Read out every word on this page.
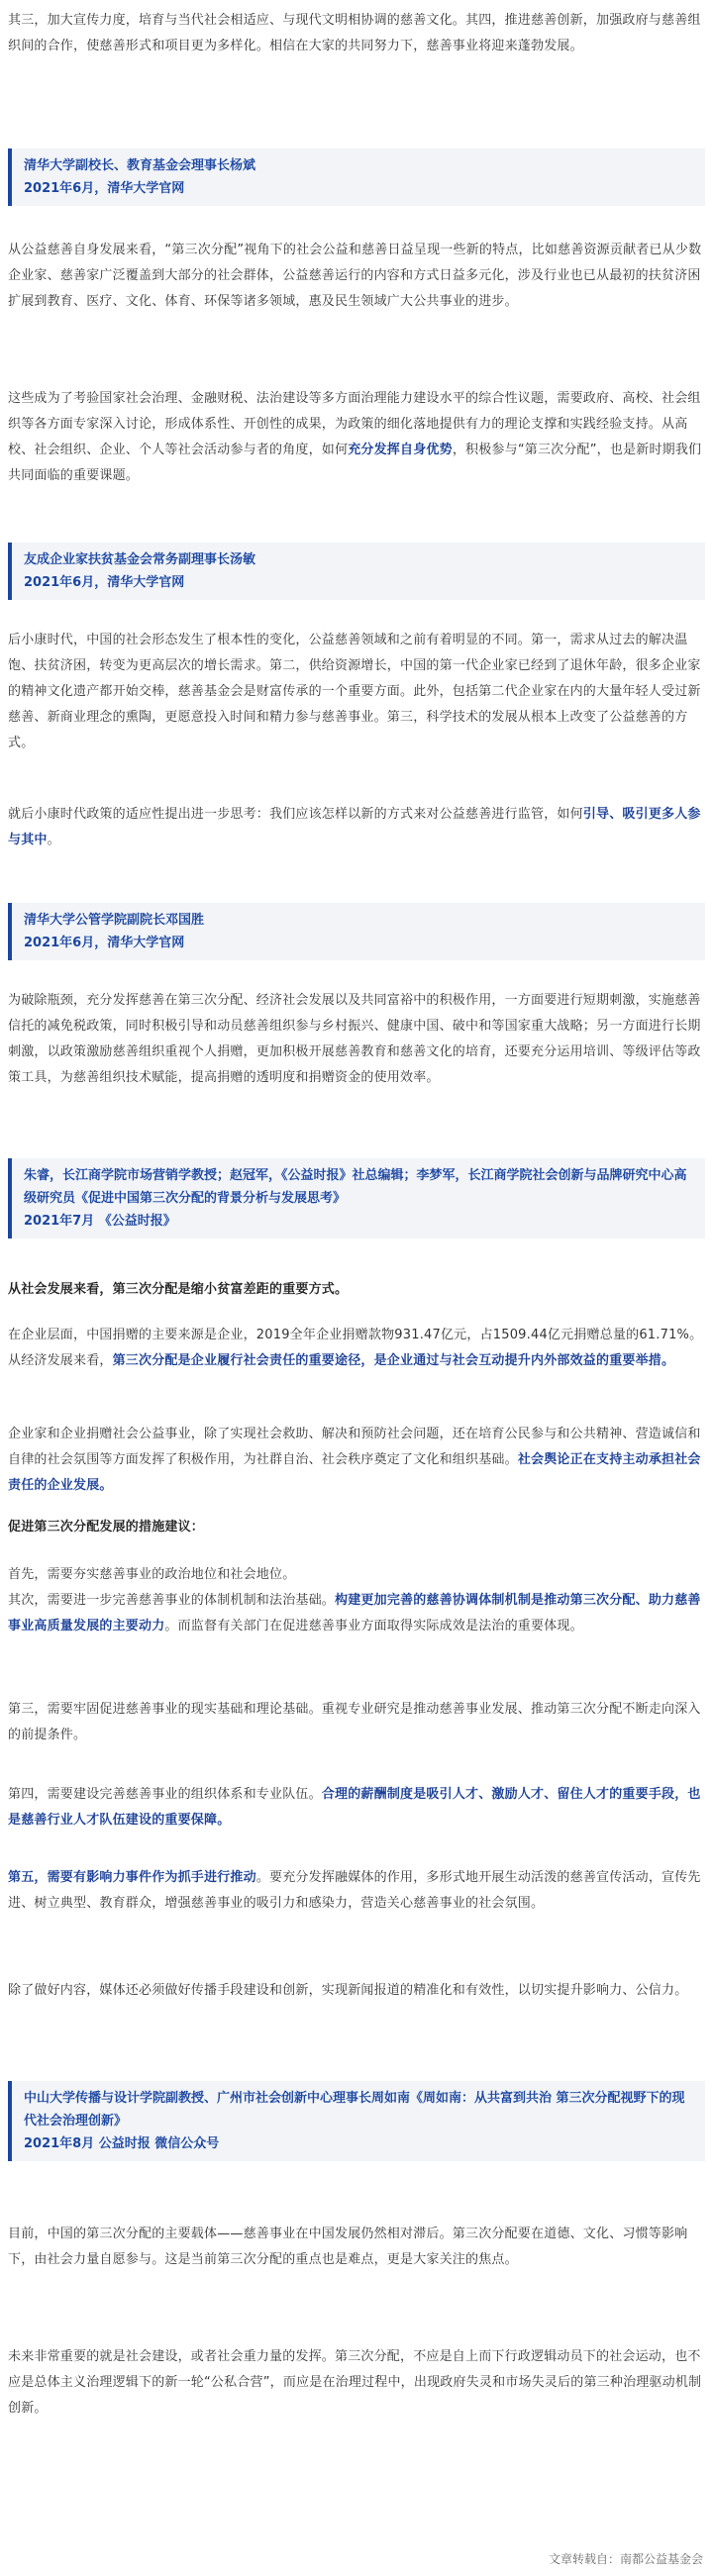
其三，加大宣传力度，培育与当代社会相适应、与现代文明相协调的慈善文化。其四，推进慈善创新，加强政府与慈善组织间的合作，使慈善形式和项目更为多样化。相信在大家的共同努力下，慈善事业将迎来蓬勃发展。

清华大学副校长、教育基金会理事长杨斌
2021年6月，清华大学官网

从公益慈善自身发展来看，“第三次分配”视角下的社会公益和慈善日益呈现一些新的特点，比如慈善资源贡献者已从少数企业家、慈善家广泛覆盖到大部分的社会群体，公益慈善运行的内容和方式日益多元化，涉及行业也已从最初的扶贫济困扩展到教育、医疗、文化、体育、环保等诸多领域，惠及民生领域广大公共事业的进步。

这些成为了考验国家社会治理、金融财税、法治建设等多方面治理能力建设水平的综合性议题，需要政府、高校、社会组织等各方面专家深入讨论，形成体系性、开创性的成果，为政策的细化落地提供有力的理论支撑和实践经验支持。从高校、社会组织、企业、个人等社会活动参与者的角度，如何充分发挥自身优势，积极参与“第三次分配”，也是新时期我们共同面临的重要课题。

友成企业家扶贫基金会常务副理事长汤敏
2021年6月，清华大学官网

后小康时代，中国的社会形态发生了根本性的变化，公益慈善领域和之前有着明显的不同。第一，需求从过去的解决温饱、扶贫济困，转变为更高层次的增长需求。第二，供给资源增长，中国的第一代企业家已经到了退休年龄，很多企业家的精神文化遗产都开始交棒，慈善基金会是财富传承的一个重要方面。此外，包括第二代企业家在内的大量年轻人受过新慈善、新商业理念的熏陶，更愿意投入时间和精力参与慈善事业。第三，科学技术的发展从根本上改变了公益慈善的方式。

就后小康时代政策的适应性提出进一步思考：我们应该怎样以新的方式来对公益慈善进行监管，如何引导、吸引更多人参与其中。

清华大学公管学院副院长邓国胜
2021年6月，清华大学官网

为破除瓶颈，充分发挥慈善在第三次分配、经济社会发展以及共同富裕中的积极作用，一方面要进行短期刺激，实施慈善信托的减免税政策，同时积极引导和动员慈善组织参与乡村振兴、健康中国、破中和等国家重大战略；另一方面进行长期刺激，以政策激励慈善组织重视个人捐赠，更加积极开展慈善教育和慈善文化的培育，还要充分运用培训、等级评估等政策工具，为慈善组织技术赋能，提高捐赠的透明度和捐赠资金的使用效率。

朱睿，长江商学院市场营销学教授；赵冠军，《公益时报》社总编辑；李梦军，长江商学院社会创新与品牌研究中心高级研究员《促进中国第三次分配的背景分析与发展思考》
2021年7月 《公益时报》

从社会发展来看，第三次分配是缩小贫富差距的重要方式。

在企业层面，中国捐赠的主要来源是企业，2019全年企业捐赠款物931.47亿元，占1509.44亿元捐赠总量的61.71%。从经济发展来看，第三次分配是企业履行社会责任的重要途径，是企业通过与社会互动提升内外部效益的重要举措。

企业家和企业捐赠社会公益事业，除了实现社会救助、解决和预防社会问题，还在培育公民参与和公共精神、营造诚信和自律的社会氛围等方面发挥了积极作用，为社群自治、社会秩序奠定了文化和组织基础。社会舆论正在支持主动承担社会责任的企业发展。

促进第三次分配发展的措施建议：

首先，需要夯实慈善事业的政治地位和社会地位。

其次，需要进一步完善慈善事业的体制机制和法治基础。构建更加完善的慈善协调体制机制是推动第三次分配、助力慈善事业高质量发展的主要动力。而监督有关部门在促进慈善事业方面取得实际成效是法治的重要体现。

第三，需要牢固促进慈善事业的现实基础和理论基础。重视专业研究是推动慈善事业发展、推动第三次分配不断走向深入的前提条件。

第四，需要建设完善慈善事业的组织体系和专业队伍。合理的薪酬制度是吸引人才、激励人才、留住人才的重要手段，也是慈善行业人才队伍建设的重要保障。

第五，需要有影响力事件作为抓手进行推动。要充分发挥融媒体的作用，多形式地开展生动活泼的慈善宣传活动，宣传先进、树立典型、教育群众，增强慈善事业的吸引力和感染力，营造关心慈善事业的社会氛围。

除了做好内容，媒体还必须做好传播手段建设和创新，实现新闻报道的精准化和有效性，以切实提升影响力、公信力。

中山大学传播与设计学院副教授、广州市社会创新中心理事长周如南《周如南：从共富到共治 第三次分配视野下的现代社会治理创新》
2021年8月 公益时报 微信公众号

目前，中国的第三次分配的主要载体——慈善事业在中国发展仍然相对滞后。第三次分配要在道德、文化、习惯等影响下，由社会力量自愿参与。这是当前第三次分配的重点也是难点，更是大家关注的焦点。

未来非常重要的就是社会建设，或者社会重力量的发挥。第三次分配，不应是自上而下行政逻辑动员下的社会运动，也不应是总体主义治理逻辑下的新一轮“公私合营”，而应是在治理过程中，出现政府失灵和市场失灵后的第三种治理驱动机制创新。

文章转载自：南都公益基金会
